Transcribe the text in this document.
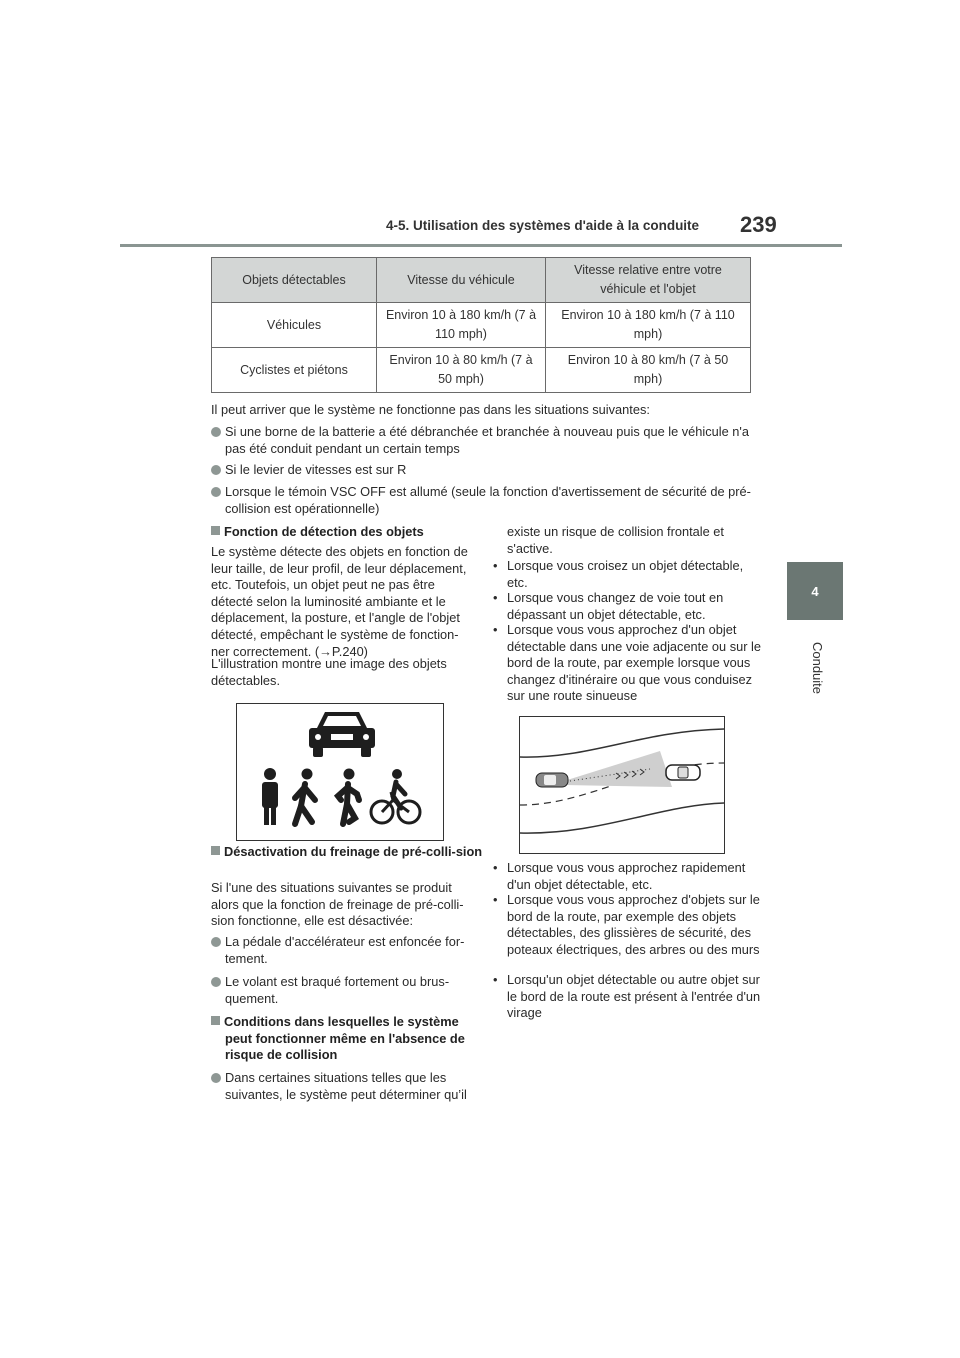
4-5. Utilisation des systèmes d'aide à la conduite 239
4
Conduite
Objets détectables	Vitesse du véhicule	Vitesse relative entre votre véhicule et l'objet
Véhicules	Environ 10 à 180 km/h (7 à 110 mph)	Environ 10 à 180 km/h (7 à 110 mph)
Cyclistes et piétons	Environ 10 à 80 km/h (7 à 50 mph)	Environ 10 à 80 km/h (7 à 50 mph)
Il peut arriver que le système ne fonctionne pas dans les situations suivantes:
Si une borne de la batterie a été débranchée et branchée à nouveau puis que le véhicule n'a pas été conduit pendant un certain temps
Si le levier de vitesses est sur R
Lorsque le témoin VSC OFF est allumé (seule la fonction d'avertissement de sécurité de pré-collision est opérationnelle)
Fonction de détection des objets
Le système détecte des objets en fonction de leur taille, de leur profil, de leur déplacement, etc. Toutefois, un objet peut ne pas être détecté selon la luminosité ambiante et le déplacement, la posture, et l'angle de l'objet détecté, empêchant le système de fonction-ner correctement. (→P.240)
L'illustration montre une image des objets détectables.
Désactivation du freinage de pré-colli-sion
Si l'une des situations suivantes se produit alors que la fonction de freinage de pré-colli-sion fonctionne, elle est désactivée:
La pédale d'accélérateur est enfoncée for-tement.
Le volant est braqué fortement ou brus-quement.
Conditions dans lesquelles le système peut fonctionner même en l'absence de risque de collision
Dans certaines situations telles que les suivantes, le système peut déterminer qu’il
existe un risque de collision frontale et s'active.
• Lorsque vous croisez un objet détectable, etc.
• Lorsque vous changez de voie tout en dépassant un objet détectable, etc.
• Lorsque vous vous approchez d'un objet détectable dans une voie adjacente ou sur le bord de la route, par exemple lorsque vous changez d'itinéraire ou que vous conduisez sur une route sinueuse
• Lorsque vous vous approchez rapidement d'un objet détectable, etc.
• Lorsque vous vous approchez d'objets sur le bord de la route, par exemple des objets détectables, des glissières de sécurité, des poteaux électriques, des arbres ou des murs
• Lorsqu'un objet détectable ou autre objet sur le bord de la route est présent à l'entrée d'un virage
